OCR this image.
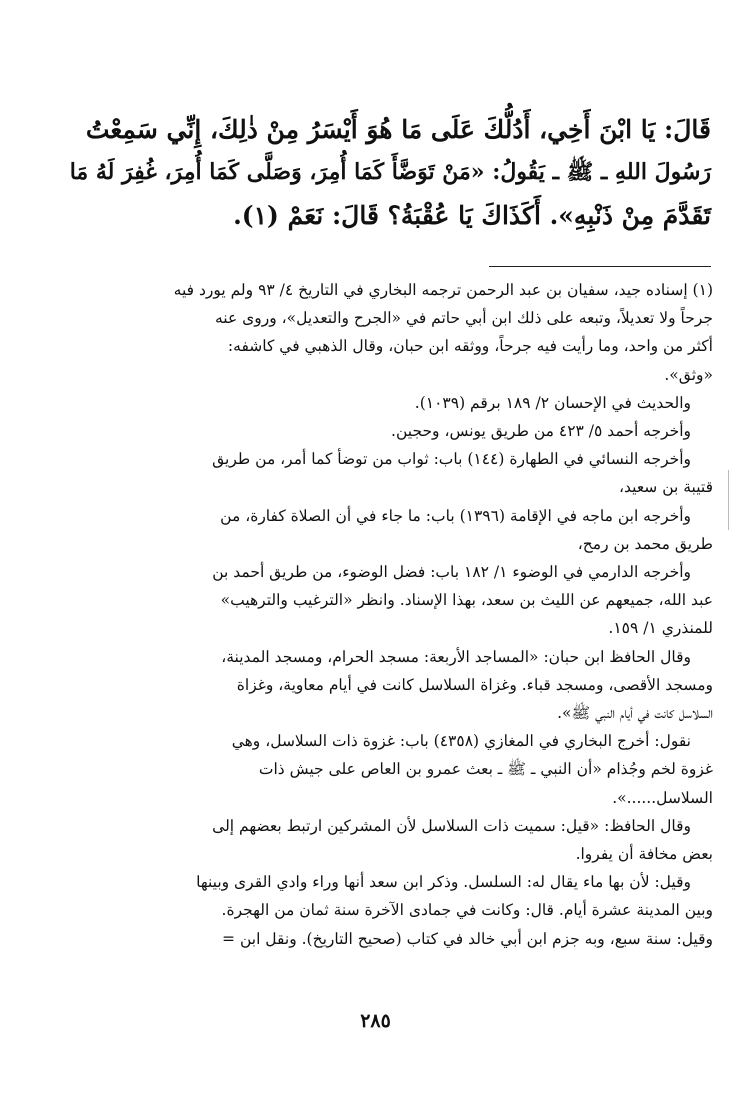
قَالَ: يَا ابْنَ أَخِي، أَدُلُّكَ عَلَى مَا هُوَ أَيْسَرُ مِنْ ذٰلِكَ، إِنِّي سَمِعْتُ
رَسُولَ اللهِ ـ ﷺ ـ يَقُولُ: «مَنْ تَوَضَّأَ كَمَا أُمِرَ، وَصَلَّى كَمَا أُمِرَ، غُفِرَ لَهُ مَا
تَقَدَّمَ مِنْ ذَنْبِهِ». أَكَذَاكَ يَا عُقْبَةُ؟ قَالَ: نَعَمْ (١).
(١) إسناده جيد، سفيان بن عبد الرحمن ترجمه البخاري في التاريخ ٤/ ٩٣ ولم يورد فيه
جرحاً ولا تعديلاً، وتبعه على ذلك ابن أبي حاتم في «الجرح والتعديل»، وروى عنه
أكثر من واحد، وما رأيت فيه جرحاً، ووثقه ابن حبان، وقال الذهبي في كاشفه:
«وثق».
والحديث في الإحسان ٢/ ١٨٩ برقم (١٠٣٩).
وأخرجه أحمد ٥/ ٤٢٣ من طريق يونس، وحجين.
وأخرجه النسائي في الطهارة (١٤٤) باب: ثواب من توضأ كما أمر، من طريق
قتيبة بن سعيد،
وأخرجه ابن ماجه في الإقامة (١٣٩٦) باب: ما جاء في أن الصلاة كفارة، من
طريق محمد بن رمح،
وأخرجه الدارمي في الوضوء ١/ ١٨٢ باب: فضل الوضوء، من طريق أحمد بن
عبد الله، جميعهم عن الليث بن سعد، بهذا الإسناد. وانظر «الترغيب والترهيب»
للمنذري ١/ ١٥٩.
وقال الحافظ ابن حبان: «المساجد الأربعة: مسجد الحرام، ومسجد المدينة،
ومسجد الأقصى، ومسجد قباء. وغزاة السلاسل كانت في أيام معاوية، وغزاة
السلاسل كانت في أيام النبي ﷺ».
نقول: أخرج البخاري في المغازي (٤٣٥٨) باب: غزوة ذات السلاسل، وهي
غزوة لخم وجُذام «أن النبي ـ ﷺ ـ بعث عمرو بن العاص على جيش ذات
السلاسل......».
وقال الحافظ: «قيل: سميت ذات السلاسل لأن المشركين ارتبط بعضهم إلى
بعض مخافة أن يفروا.
وقيل: لأن بها ماء يقال له: السلسل. وذكر ابن سعد أنها وراء وادي القرى وبينها
وبين المدينة عشرة أيام. قال: وكانت في جمادى الآخرة سنة ثمان من الهجرة.
وقيل: سنة سبع، وبه جزم ابن أبي خالد في كتاب (صحيح التاريخ). ونقل ابن =
٢٨٥
